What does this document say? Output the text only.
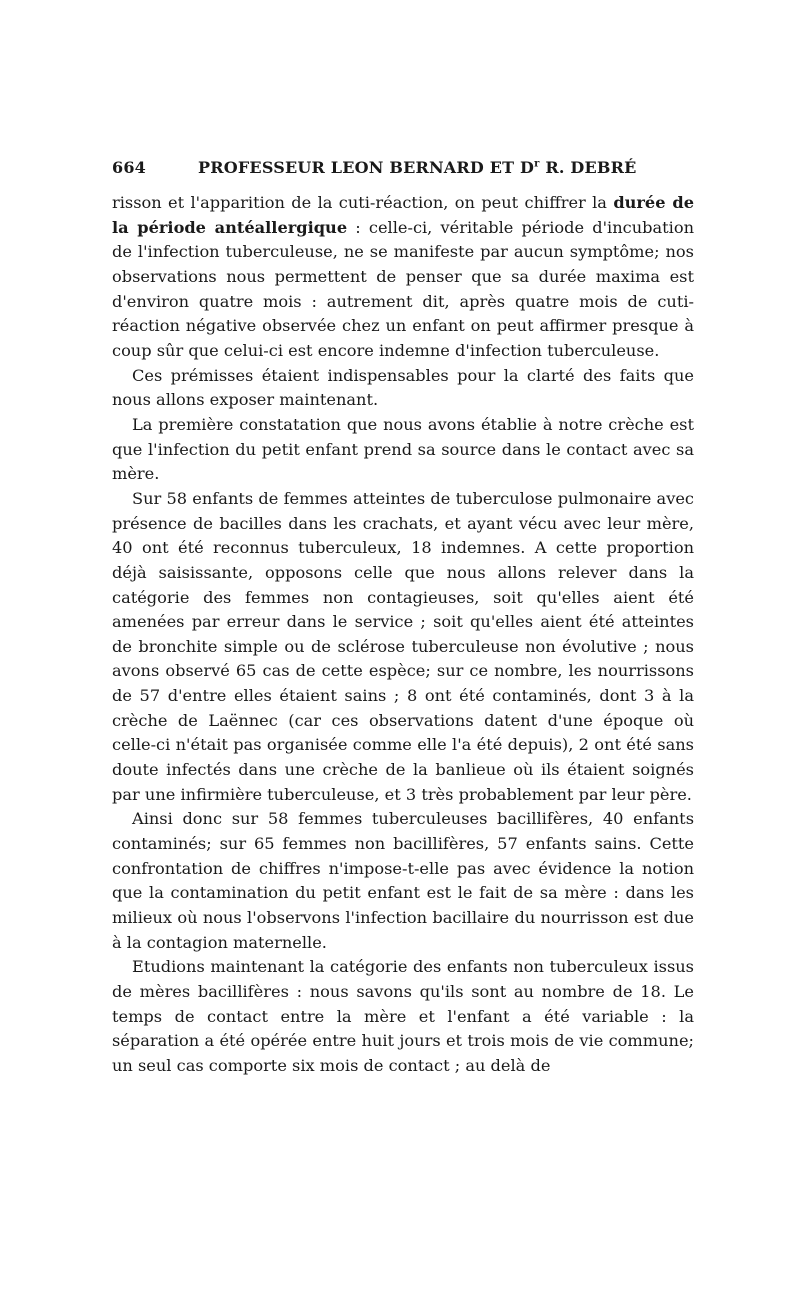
664	PROFESSEUR LEON BERNARD ET $D^r$ R. DEBRÉ

risson et l'apparition de la cuti-réaction, on peut chiffrer la durée de la période antéallergique : celle-ci, véritable période d'incubation de l'infection tuberculeuse, ne se manifeste par aucun symptôme; nos observations nous permettent de penser que sa durée maxima est d'environ quatre mois : autrement dit, après quatre mois de cuti-réaction négative observée chez un enfant on peut affirmer presque à coup sûr que celui-ci est encore indemne d'infection tuberculeuse.

Ces prémisses étaient indispensables pour la clarté des faits que nous allons exposer maintenant.

La première constatation que nous avons établie à notre crèche est que l'infection du petit enfant prend sa source dans le contact avec sa mère.

Sur 58 enfants de femmes atteintes de tuberculose pulmonaire avec présence de bacilles dans les crachats, et ayant vécu avec leur mère, 40 ont été reconnus tuberculeux, 18 indemnes. A cette proportion déjà saisissante, opposons celle que nous allons relever dans la catégorie des femmes non contagieuses, soit qu'elles aient été amenées par erreur dans le service ; soit qu'elles aient été atteintes de bronchite simple ou de sclérose tuberculeuse non évolutive ; nous avons observé 65 cas de cette espèce; sur ce nombre, les nourrissons de 57 d'entre elles étaient sains ; 8 ont été contaminés, dont 3 à la crèche de Laënnec (car ces observations datent d'une époque où celle-ci n'était pas organisée comme elle l'a été depuis), 2 ont été sans doute infectés dans une crèche de la banlieue où ils étaient soignés par une infirmière tuberculeuse, et 3 très probablement par leur père.

Ainsi donc sur 58 femmes tuberculeuses bacillifères, 40 enfants contaminés; sur 65 femmes non bacillifères, 57 enfants sains. Cette confrontation de chiffres n'impose-t-elle pas avec évidence la notion que la contamination du petit enfant est le fait de sa mère : dans les milieux où nous l'observons l'infection bacillaire du nourrisson est due à la contagion maternelle.

Etudions maintenant la catégorie des enfants non tuberculeux issus de mères bacillifères : nous savons qu'ils sont au nombre de 18. Le temps de contact entre la mère et l'enfant a été variable : la séparation a été opérée entre huit jours et trois mois de vie commune; un seul cas comporte six mois de contact ; au delà de
